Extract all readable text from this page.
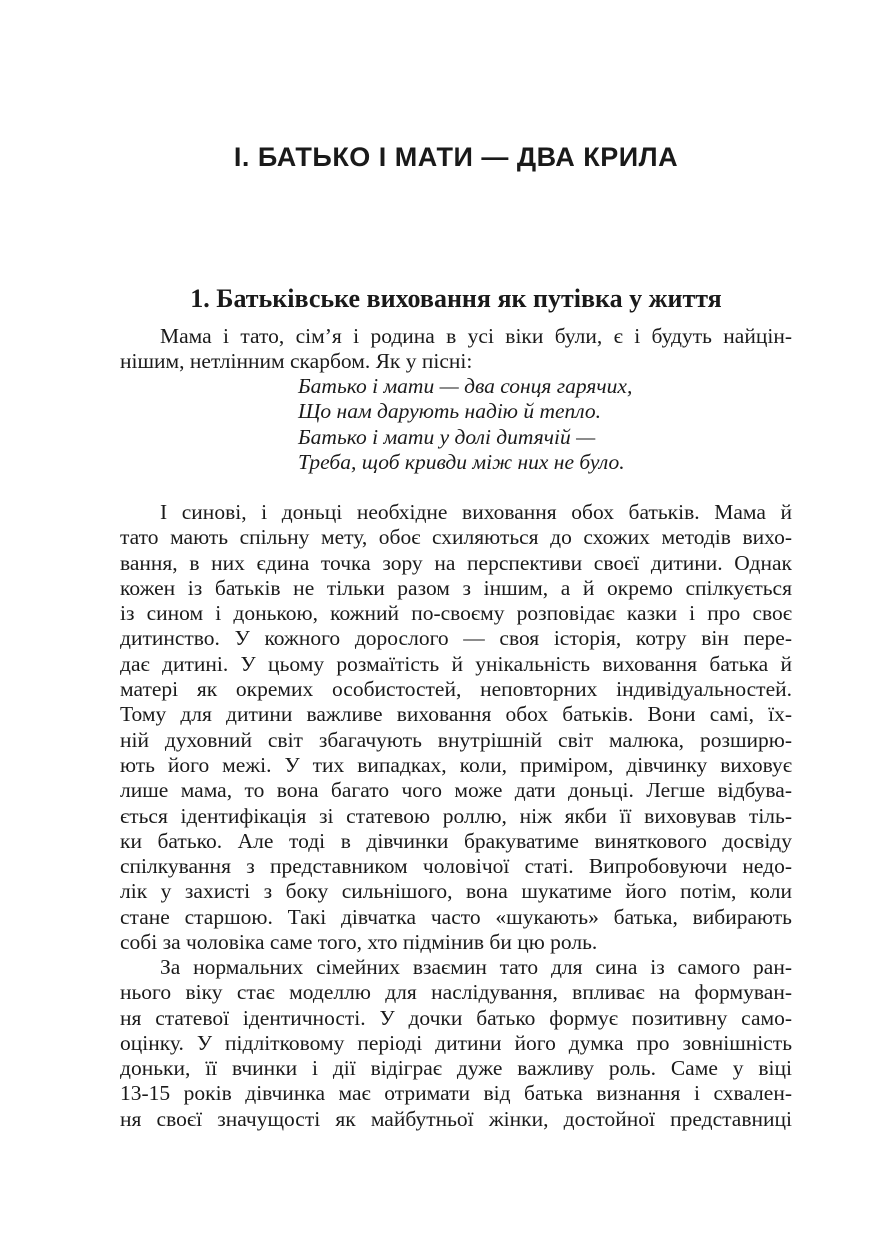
І. БАТЬКО І МАТИ — ДВА КРИЛА
1. Батьківське виховання як путівка у життя
Мама і тато, сім’я і родина в усі віки були, є і будуть найцін-
нішим, нетлінним скарбом. Як у пісні:
Батько і мати — два сонця гарячих,
Що нам дарують надію й тепло.
Батько і мати у долі дитячій —
Треба, щоб кривди між них не було.
І синові, і доньці необхідне виховання обох батьків. Мама й
тато мають спільну мету, обоє схиляються до схожих методів вихо-
вання, в них єдина точка зору на перспективи своєї дитини. Однак
кожен із батьків не тільки разом з іншим, а й окремо спілкується
із сином і донькою, кожний по-своєму розповідає казки і про своє
дитинство. У кожного дорослого — своя історія, котру він пере-
дає дитині. У цьому розмаїтість й унікальність виховання батька й
матері як окремих особистостей, неповторних індивідуальностей.
Тому для дитини важливе виховання обох батьків. Вони самі, їх-
ній духовний світ збагачують внутрішній світ малюка, розширю-
ють його межі. У тих випадках, коли, приміром, дівчинку виховує
лише мама, то вона багато чого може дати доньці. Легше відбува-
ється ідентифікація зі статевою роллю, ніж якби її виховував тіль-
ки батько. Але тоді в дівчинки бракуватиме виняткового досвіду
спілкування з представником чоловічої статі. Випробовуючи недо-
лік у захисті з боку сильнішого, вона шукатиме його потім, коли
стане старшою. Такі дівчатка часто «шукають» батька, вибирають
собі за чоловіка саме того, хто підмінив би цю роль.
За нормальних сімейних взаємин тато для сина із самого ран-
нього віку стає моделлю для наслідування, впливає на формуван-
ня статевої ідентичності. У дочки батько формує позитивну само-
оцінку. У підлітковому періоді дитини його думка про зовнішність
доньки, її вчинки і дії відіграє дуже важливу роль. Саме у віці
13-15 років дівчинка має отримати від батька визнання і схвален-
ня своєї значущості як майбутньої жінки, достойної представниці
